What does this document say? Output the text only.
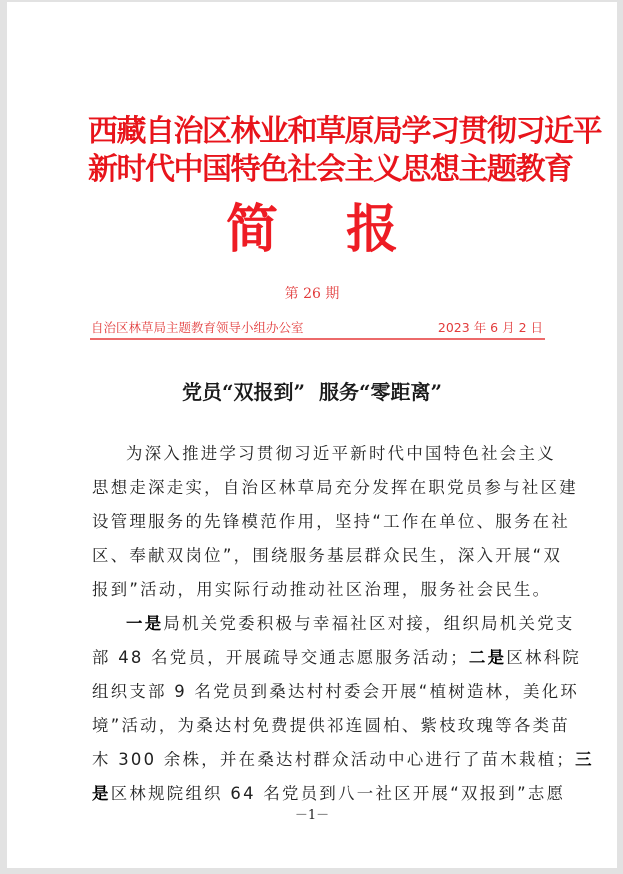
西藏自治区林业和草原局学习贯彻习近平
新时代中国特色社会主义思想主题教育
简报
第 26 期
自治区林草局主题教育领导小组办公室	2023 年 6 月 2 日
党员“双报到”  服务“零距离”
为深入推进学习贯彻习近平新时代中国特色社会主义
思想走深走实，自治区林草局充分发挥在职党员参与社区建
设管理服务的先锋模范作用，坚持“工作在单位、服务在社
区、奉献双岗位”，围绕服务基层群众民生，深入开展“双
报到”活动，用实际行动推动社区治理，服务社会民生。
一是局机关党委积极与幸福社区对接，组织局机关党支
部 48 名党员，开展疏导交通志愿服务活动；二是区林科院
组织支部 9 名党员到桑达村村委会开展“植树造林，美化环
境”活动，为桑达村免费提供祁连圆柏、紫枝玫瑰等各类苗
木 300 余株，并在桑达村群众活动中心进行了苗木栽植；三
是区林规院组织 64 名党员到八一社区开展“双报到”志愿
－1－
